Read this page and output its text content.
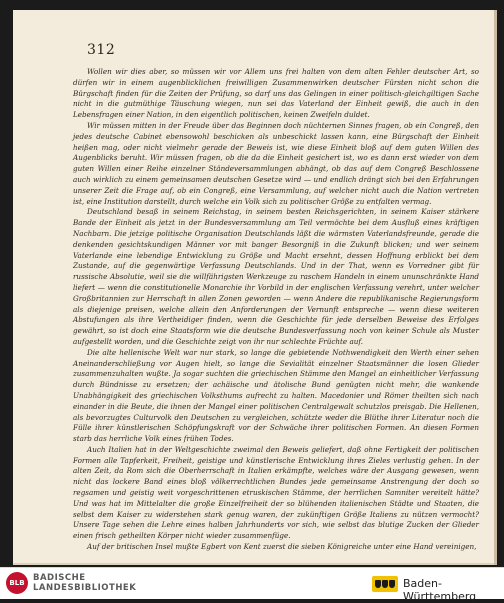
312

Wollen wir dies aber, so müssen wir vor Allem uns frei halten von dem alten Fehler deutscher Art, so dürfen wir in einem augenblicklichen freiwilligen Zusammenwirken deutscher Fürsten nicht schon die Bürgschaft finden für die Zeiten der Prüfung, so darf uns das Gelingen in einer politisch-gleichgiltigen Sache nicht in die gutmüthige Täuschung wiegen, nun sei das Vaterland der Einheit gewiß, die auch in den Lebensfragen einer Nation, in den eigentlich politischen, keinen Zweifeln duldet.

Wir müssen mitten in der Freude über das Beginnen doch nüchternen Sinnes fragen, ob ein Congreß, den jedes deutsche Cabinet ebensowohl beschicken als unbeschickt lassen kann, eine Bürgschaft der Einheit heißen mag, oder nicht vielmehr gerade der Beweis ist, wie diese Einheit bloß auf dem guten Willen des Augenblicks beruht. Wir müssen fragen, ob die da die Einheit gesichert ist, wo es dann erst wieder von dem guten Willen einer Reihe einzelner Ständeversammlungen abhängt, ob das auf dem Congreß Beschlossene auch wirklich zu einem gemeinsamen deutschen Gesetze wird — und endlich drängt sich bei den Erfahrungen unserer Zeit die Frage auf, ob ein Congreß, eine Versammlung, auf welcher nicht auch die Nation vertreten ist, eine Institution darstellt, durch welche ein Volk sich zu politischer Größe zu entfalten vermag.

Deutschland besaß in seinem Reichstag, in seinem besten Reichsgerichten, in seinem Kaiser stärkere Bande der Einheit als jetzt in der Bundesversammlung am Teil vermöchte bei dem Ausfluß eines kräftigen Nachbarn. Die jetzige politische Organisation Deutschlands läßt die wärmsten Vaterlandsfreunde, gerade die denkenden gesichtskundigen Männer vor mit banger Besorgniß in die Zukunft blicken; und wer seinem Vaterlande eine lebendige Entwicklung zu Größe und Macht ersehnt, dessen Hoffnung erblickt bei dem Zustande, auf die gegenwärtige Verfassung Deutschlands. Und in der That, wenn es Vorredner gibt für russische Absolutie, weil sie die willfährigsten Werkzeuge zu raschem Handeln in einem ununschränkte Hand liefert — wenn die constitutionelle Monarchie ihr Vorbild in der englischen Verfassung verehrt, unter welcher Großbritannien zur Herrschaft in allen Zonen geworden — wenn Andere die republikanische Regierungsform als diejenige preisen, welche allein den Anforderungen der Vernunft entspreche — wenn diese weiteren Abstufungen als ihre Vertheidiger finden, wenn die Geschichte für jede derselben Beweise des Erfolges gewährt, so ist doch eine Staatsform wie die deutsche Bundesverfassung noch von keiner Schule als Muster aufgestellt worden, und die Geschichte zeigt von ihr nur schlechte Früchte auf.

Die alte hellenische Welt war nur stark, so lange die gebietende Nothwendigkeit den Werth einer sehen Aneinanderschließung vor Augen hielt, so lange die Sevialität einzelner Staatsmänner die losen Glieder zusammenzuhalten wußte. Ja sogar suchten die griechischen Stämme den Mangel an einheitlicher Verfassung durch Bündnisse zu ersetzen; der achäische und ätolische Bund genügten nicht mehr, die wankende Unabhängigkeit des griechischen Volksthums aufrecht zu halten. Macedonier und Römer theilten sich nach einander in die Beute, die ihnen der Mangel einer politischen Centralgewalt schutzlos preisgab. Die Hellenen, als bevorzugtes Culturvolk den Deutschen zu vergleichen, schützte weder die Blüthe ihrer Literatur noch die Fülle ihrer künstlerischen Schöpfungskraft vor der Schwäche ihrer politischen Formen. An diesen Formen starb das herrliche Volk eines frühen Todes.

Auch Italien hat in der Weltgeschichte zweimal den Beweis geliefert, daß ohne Fertigkeit der politischen Formen alle Tapferkeit, Freiheit, geistige und künstlerische Entwicklung ihres Zieles verlustig gehen. In der alten Zeit, da Rom sich die Oberherrschaft in Italien erkämpfte, welches wäre der Ausgang gewesen, wenn nicht das lockere Band eines bloß völkerrechtlichen Bundes jede gemeinsame Anstrengung der doch so regsamen und geistig weit vorgeschrittenen etruskischen Stämme, der herrlichen Samniter vereitelt hätte? Und was hat im Mittelalter die große Einzelfreiheit der so blühenden italienischen Städte und Staaten, die selbst dem Kaiser zu widerstehen stark genug waren, der zukünftigen Größe Italiens zu nützen vermocht? Unsere Tage sehen die Lehre eines halben Jahrhunderts vor sich, wie selbst das blutige Zucken der Glieder einen frisch getheilten Körper nicht wieder zusammenfüge.

Auf der britischen Insel mußte Egbert von Kent zuerst die sieben Königreiche unter eine Hand vereinigen,

BLB BADISCHE
LANDESBIBLIOTHEK	Baden-Württemberg
